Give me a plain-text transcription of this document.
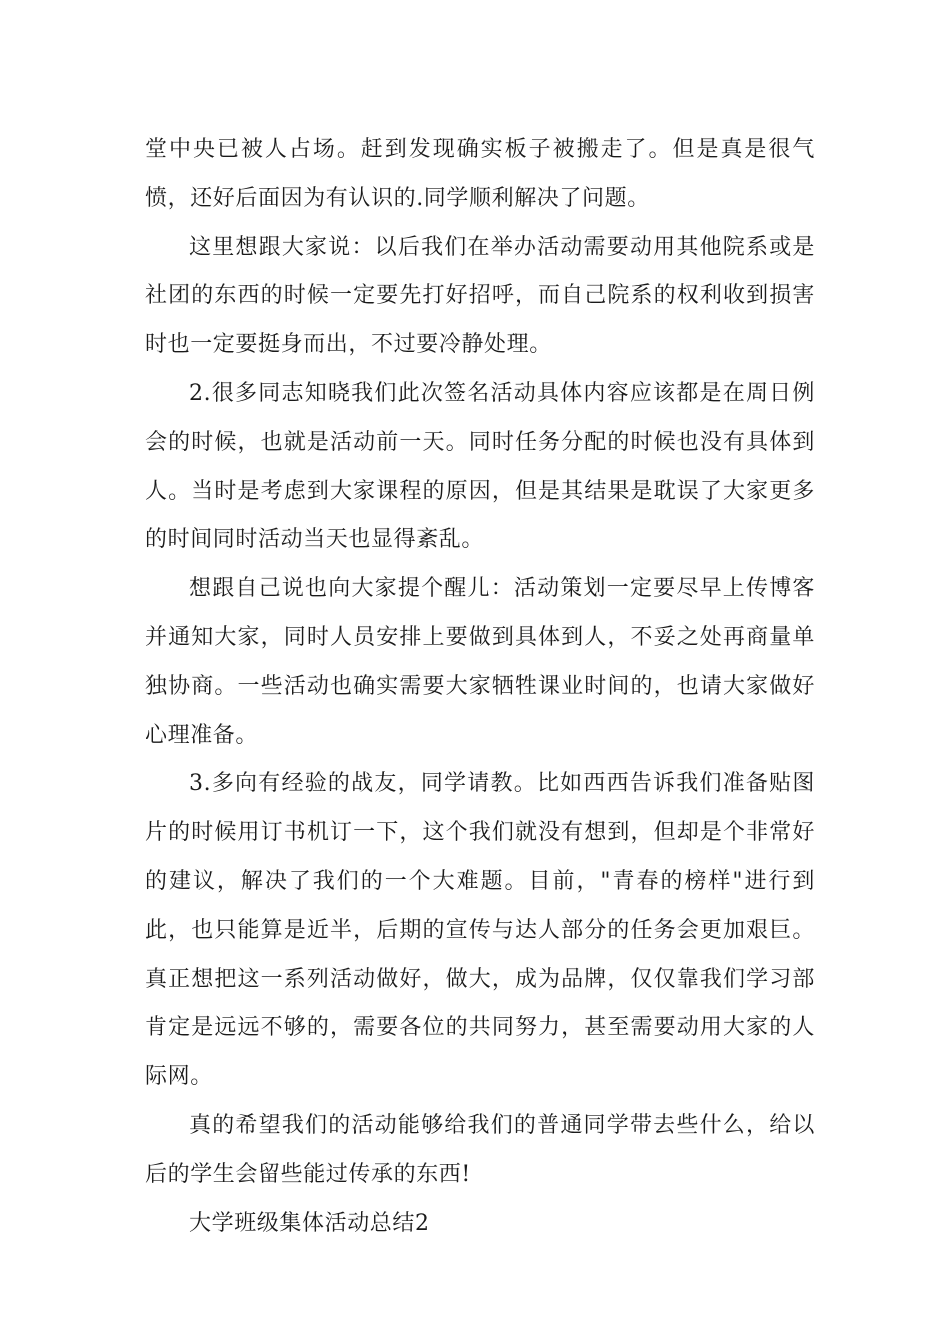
堂中央已被人占场。赶到发现确实板子被搬走了。但是真是很气愤，还好后面因为有认识的.同学顺利解决了问题。

这里想跟大家说：以后我们在举办活动需要动用其他院系或是社团的东西的时候一定要先打好招呼，而自己院系的权利收到损害时也一定要挺身而出，不过要冷静处理。

2.很多同志知晓我们此次签名活动具体内容应该都是在周日例会的时候，也就是活动前一天。同时任务分配的时候也没有具体到人。当时是考虑到大家课程的原因，但是其结果是耽误了大家更多的时间同时活动当天也显得紊乱。

想跟自己说也向大家提个醒儿：活动策划一定要尽早上传博客并通知大家，同时人员安排上要做到具体到人，不妥之处再商量单独协商。一些活动也确实需要大家牺牲课业时间的，也请大家做好心理准备。

3.多向有经验的战友，同学请教。比如西西告诉我们准备贴图片的时候用订书机订一下，这个我们就没有想到，但却是个非常好的建议，解决了我们的一个大难题。目前，"青春的榜样"进行到此，也只能算是近半，后期的宣传与达人部分的任务会更加艰巨。真正想把这一系列活动做好，做大，成为品牌，仅仅靠我们学习部肯定是远远不够的，需要各位的共同努力，甚至需要动用大家的人际网。

真的希望我们的活动能够给我们的普通同学带去些什么，给以后的学生会留些能过传承的东西!

大学班级集体活动总结2
